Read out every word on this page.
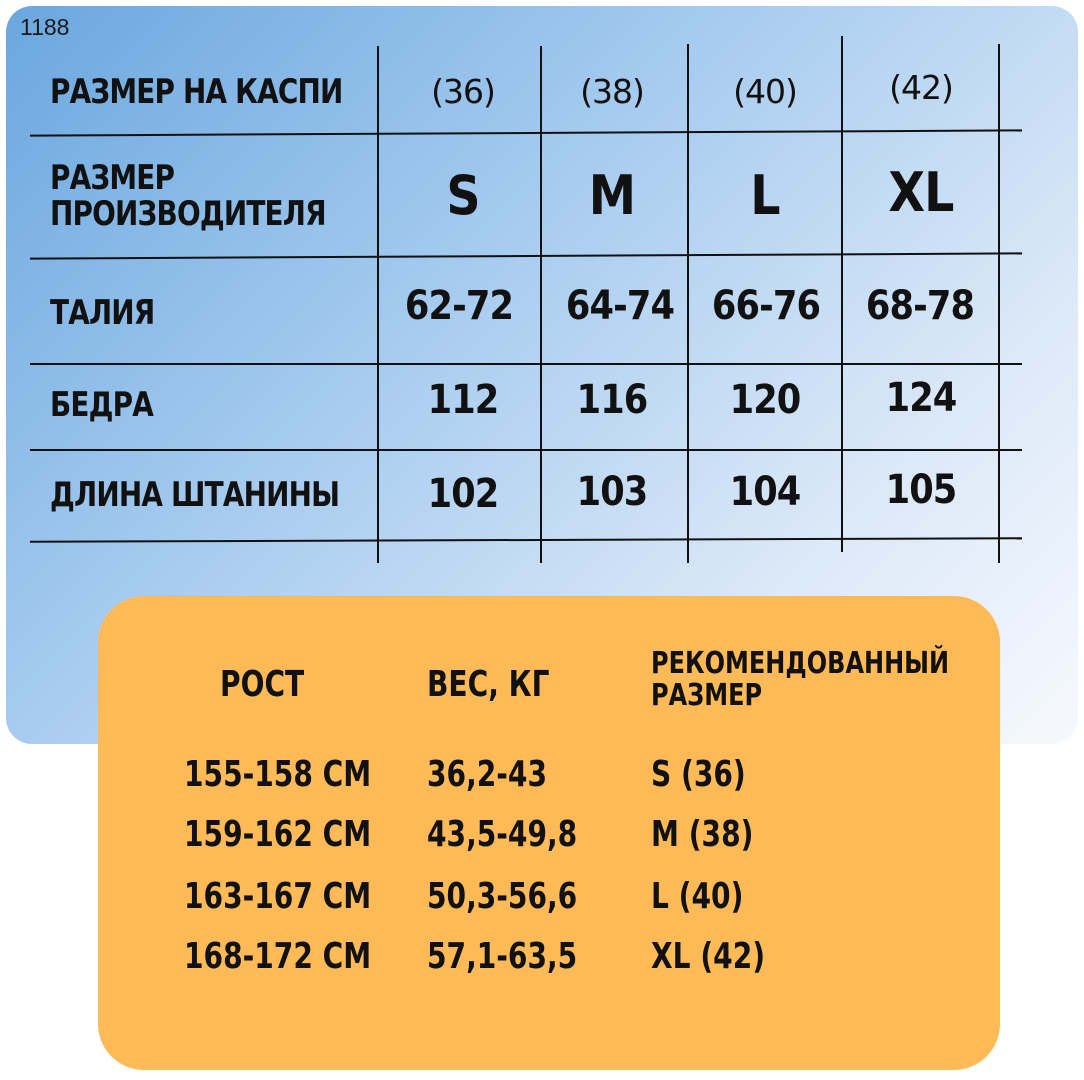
1188
РАЗМЕР НА КАСПИ	(36)	(38)	(40)	(42)
РАЗМЕР
ПРОИЗВОДИТЕЛЯ	S	M	L	XL
ТАЛИЯ	62-72 64-74 66-76 68-78
БЕДРА	112	116	120	124
ДЛИНА ШТАНИНЫ	102	103	104	105
РОСТ	ВЕС, КГ
РЕКОМЕНДОВАННЫЙ
РАЗМЕР
155-158 СМ 36,2-43	S (36)
159-162 СМ 43,5-49,8 M (38)
163-167 СМ 50,3-56,6 L (40)
168-172 СМ 57,1-63,5 XL (42)
